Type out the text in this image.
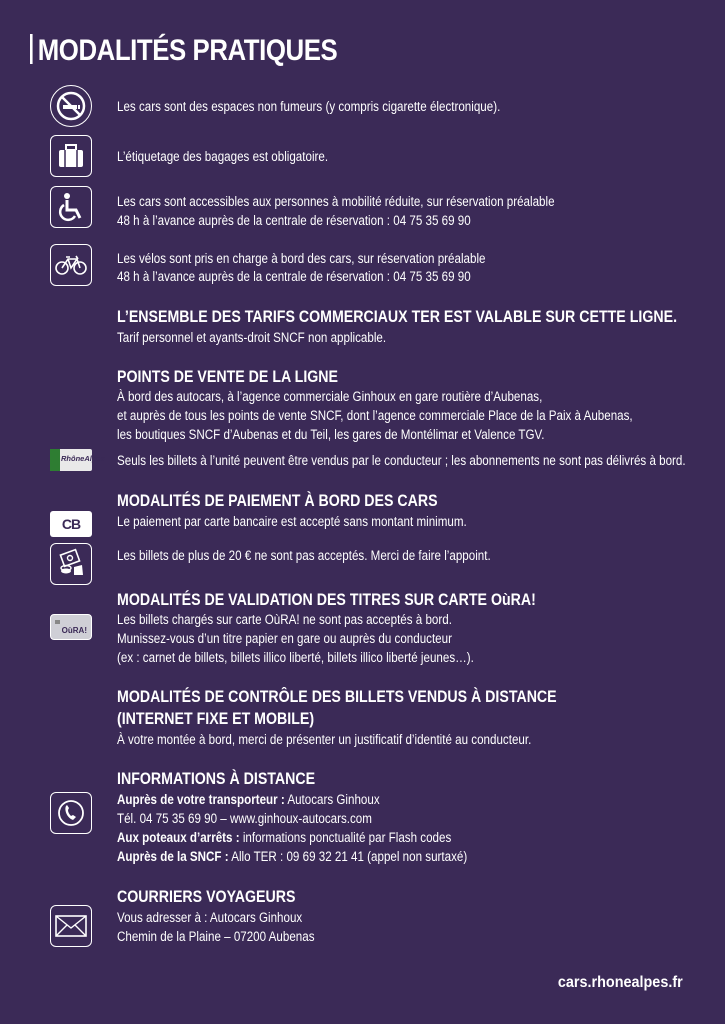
MODALITÉS PRATIQUES
Les cars sont des espaces non fumeurs (y compris cigarette électronique).
L’étiquetage des bagages est obligatoire.
Les cars sont accessibles aux personnes à mobilité réduite, sur réservation préalable
48 h à l’avance auprès de la centrale de réservation : 04 75 35 69 90
Les vélos sont pris en charge à bord des cars, sur réservation préalable
48 h à l’avance auprès de la centrale de réservation : 04 75 35 69 90
L’ENSEMBLE DES TARIFS COMMERCIAUX TER EST VALABLE SUR CETTE LIGNE.
Tarif personnel et ayants-droit SNCF non applicable.
POINTS DE VENTE DE LA LIGNE
À bord des autocars, à l’agence commerciale Ginhoux en gare routière d’Aubenas,
et auprès de tous les points de vente SNCF, dont l’agence commerciale Place de la Paix à Aubenas,
les boutiques SNCF d’Aubenas et du Teil, les gares de Montélimar et Valence TGV.
RhôneAlpes Seuls les billets à l’unité peuvent être vendus par le conducteur ; les abonnements ne sont pas délivrés à bord.
MODALITÉS DE PAIEMENT À BORD DES CARS
CB	Le paiement par carte bancaire est accepté sans montant minimum.
Les billets de plus de 20 € ne sont pas acceptés. Merci de faire l’appoint.
MODALITÉS DE VALIDATION DES TITRES SUR CARTE OùRA!
OùRA!
Les billets chargés sur carte OùRA! ne sont pas acceptés à bord.
Munissez-vous d’un titre papier en gare ou auprès du conducteur
(ex : carnet de billets, billets illico liberté, billets illico liberté jeunes…).
MODALITÉS DE CONTRÔLE DES BILLETS VENDUS À DISTANCE
(INTERNET FIXE ET MOBILE)
À votre montée à bord, merci de présenter un justificatif d’identité au conducteur.
INFORMATIONS À DISTANCE
Auprès de votre transporteur : Autocars Ginhoux
Tél. 04 75 35 69 90 – www.ginhoux-autocars.com
Aux poteaux d’arrêts : informations ponctualité par Flash codes
Auprès de la SNCF : Allo TER : 09 69 32 21 41 (appel non surtaxé)
COURRIERS VOYAGEURS
Vous adresser à : Autocars Ginhoux
Chemin de la Plaine – 07200 Aubenas
cars.rhonealpes.fr
